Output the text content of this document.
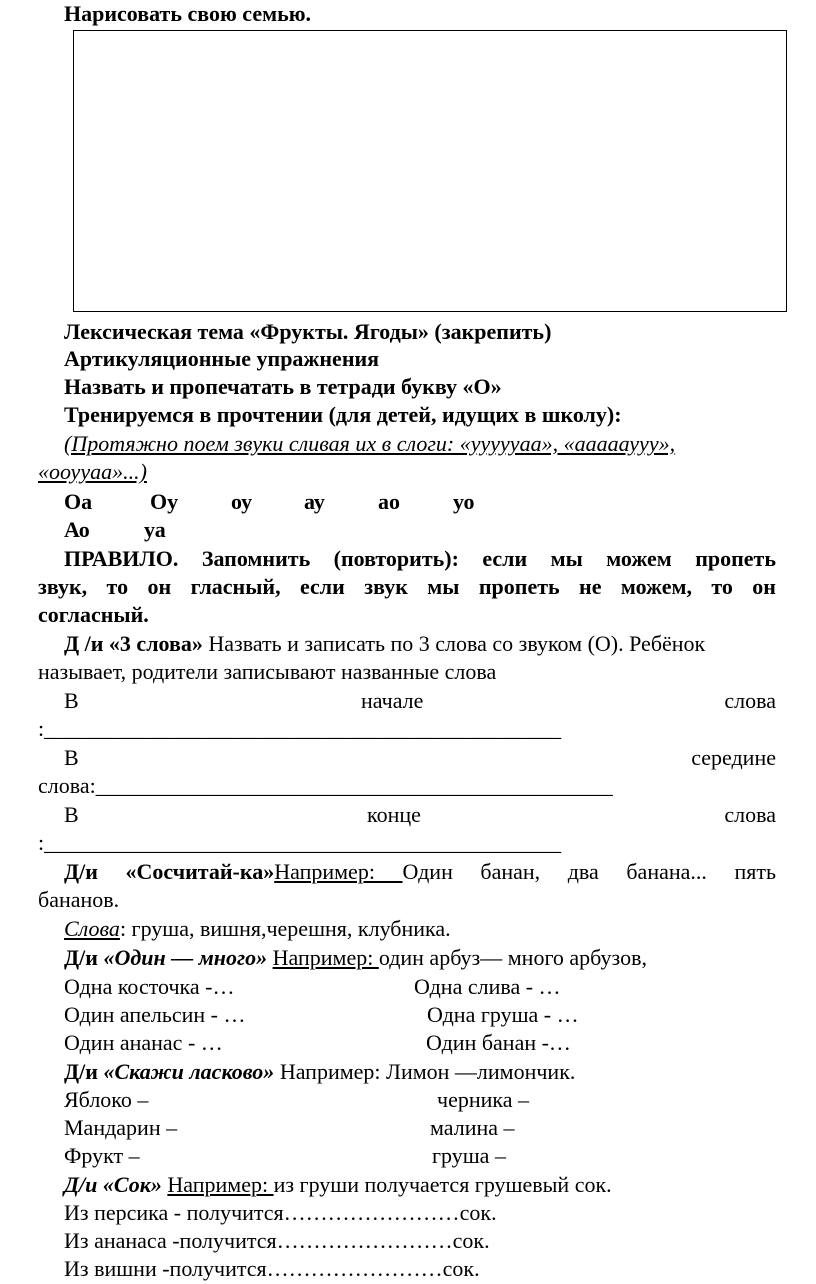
Нарисовать свою семью.
Лексическая тема «Фрукты. Ягоды» (закрепить)
Артикуляционные упражнения
Назвать и пропечатать в тетради букву «О»
Тренируемся в прочтении (для детей, идущих в школу):
(Протяжно поем звуки сливая их в слоги: «уууууаа», «аааааууу»,
«ооууаа»...)
Оа	Оу оу ау ао уо
Ао уа
ПРАВИЛО. Запомнить (повторить): если мы можем пропеть
звук, то он гласный, если звук мы пропеть не можем, то он
согласный.
Д /и «3 слова» Назвать и записать по 3 слова со звуком (О). Ребёнок
называет, родители записывают названные слова
В	начале	слова
:_______________________________________________
В	середине
слова:_______________________________________________
В	конце	слова
:_______________________________________________
Д/и «Сосчитай-ка»Например: Один банан, два банана... пять
бананов.
Слова: груша, вишня,черешня, клубника.
Д/и «Один — много» Например: один арбуз— много арбузов,
Одна косточка -…	Одна слива - …
Один апельсин - …	Одна груша - …
Один ананас - …	Один банан -…
Д/и «Скажи ласково» Например: Лимон —лимончик.
Яблоко –	черника –
Мандарин –	малина –
Фрукт –	груша –
Д/и «Сок» Например: из груши получается грушевый сок.
Из персика - получится……………………сок.
Из ананаса -получится……………………сок.
Из вишни -получится……………………сок.
